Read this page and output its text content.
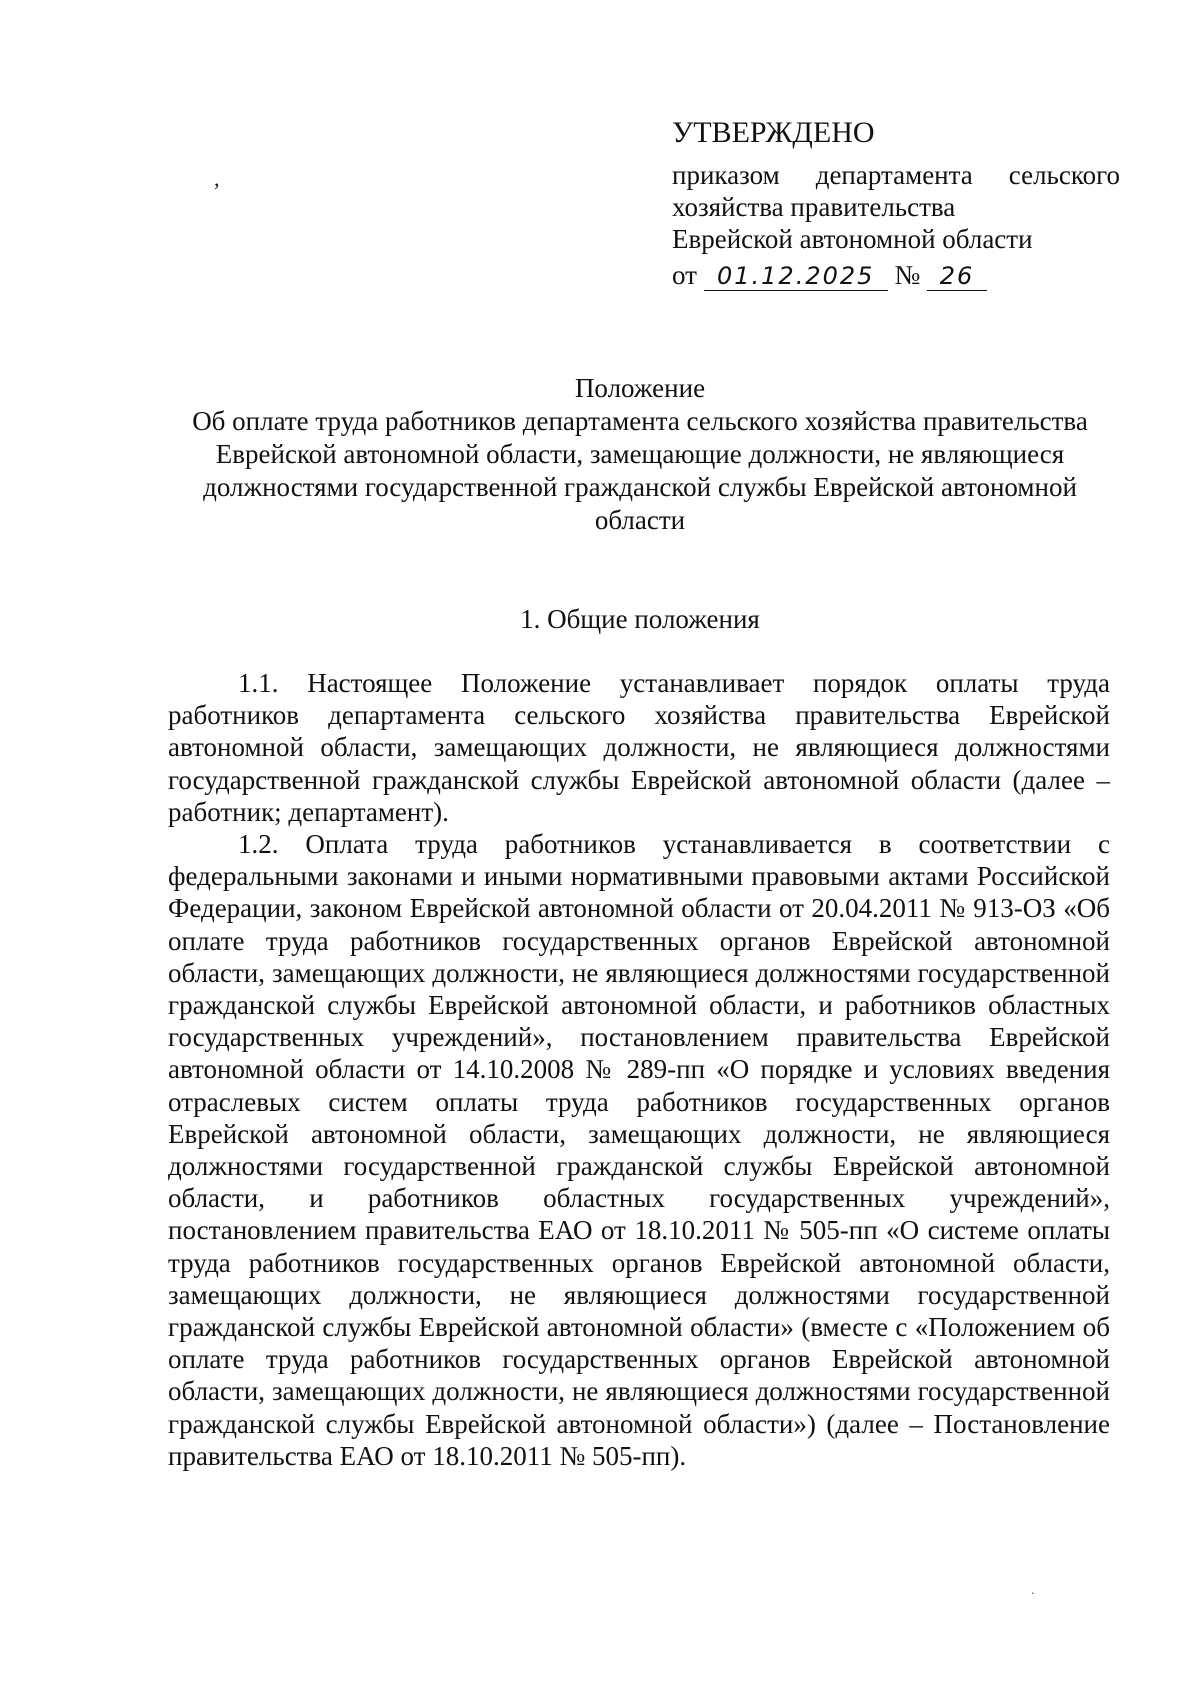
,
.
УТВЕРЖДЕНО
приказом департамента сельского
хозяйства правительства
Еврейской автономной области
от 01.12.2025 № 26
Положение
Об оплате труда работников департамента сельского хозяйства правительства Еврейской автономной области, замещающие должности, не являющиеся должностями государственной гражданской службы Еврейской автономной области
1. Общие положения

1.1. Настоящее Положение устанавливает порядок оплаты труда работников департамента сельского хозяйства правительства Еврейской автономной области, замещающих должности, не являющиеся должностями государственной гражданской службы Еврейской автономной области (далее – работник; департамент).

1.2. Оплата труда работников устанавливается в соответствии с федеральными законами и иными нормативными правовыми актами Российской Федерации, законом Еврейской автономной области от 20.04.2011 № 913-ОЗ «Об оплате труда работников государственных органов Еврейской автономной области, замещающих должности, не являющиеся должностями государственной гражданской службы Еврейской автономной области, и работников областных государственных учреждений», постановлением правительства Еврейской автономной области от 14.10.2008 № 289-пп «О порядке и условиях введения отраслевых систем оплаты труда работников государственных органов Еврейской автономной области, замещающих должности, не являющиеся должностями государственной гражданской службы Еврейской автономной области, и работников областных государственных учреждений», постановлением правительства ЕАО от 18.10.2011 № 505-пп «О системе оплаты труда работников государственных органов Еврейской автономной области, замещающих должности, не являющиеся должностями государственной гражданской службы Еврейской автономной области» (вместе с «Положением об оплате труда работников государственных органов Еврейской автономной области, замещающих должности, не являющиеся должностями государственной гражданской службы Еврейской автономной области») (далее – Постановление правительства ЕАО от 18.10.2011 № 505-пп).
